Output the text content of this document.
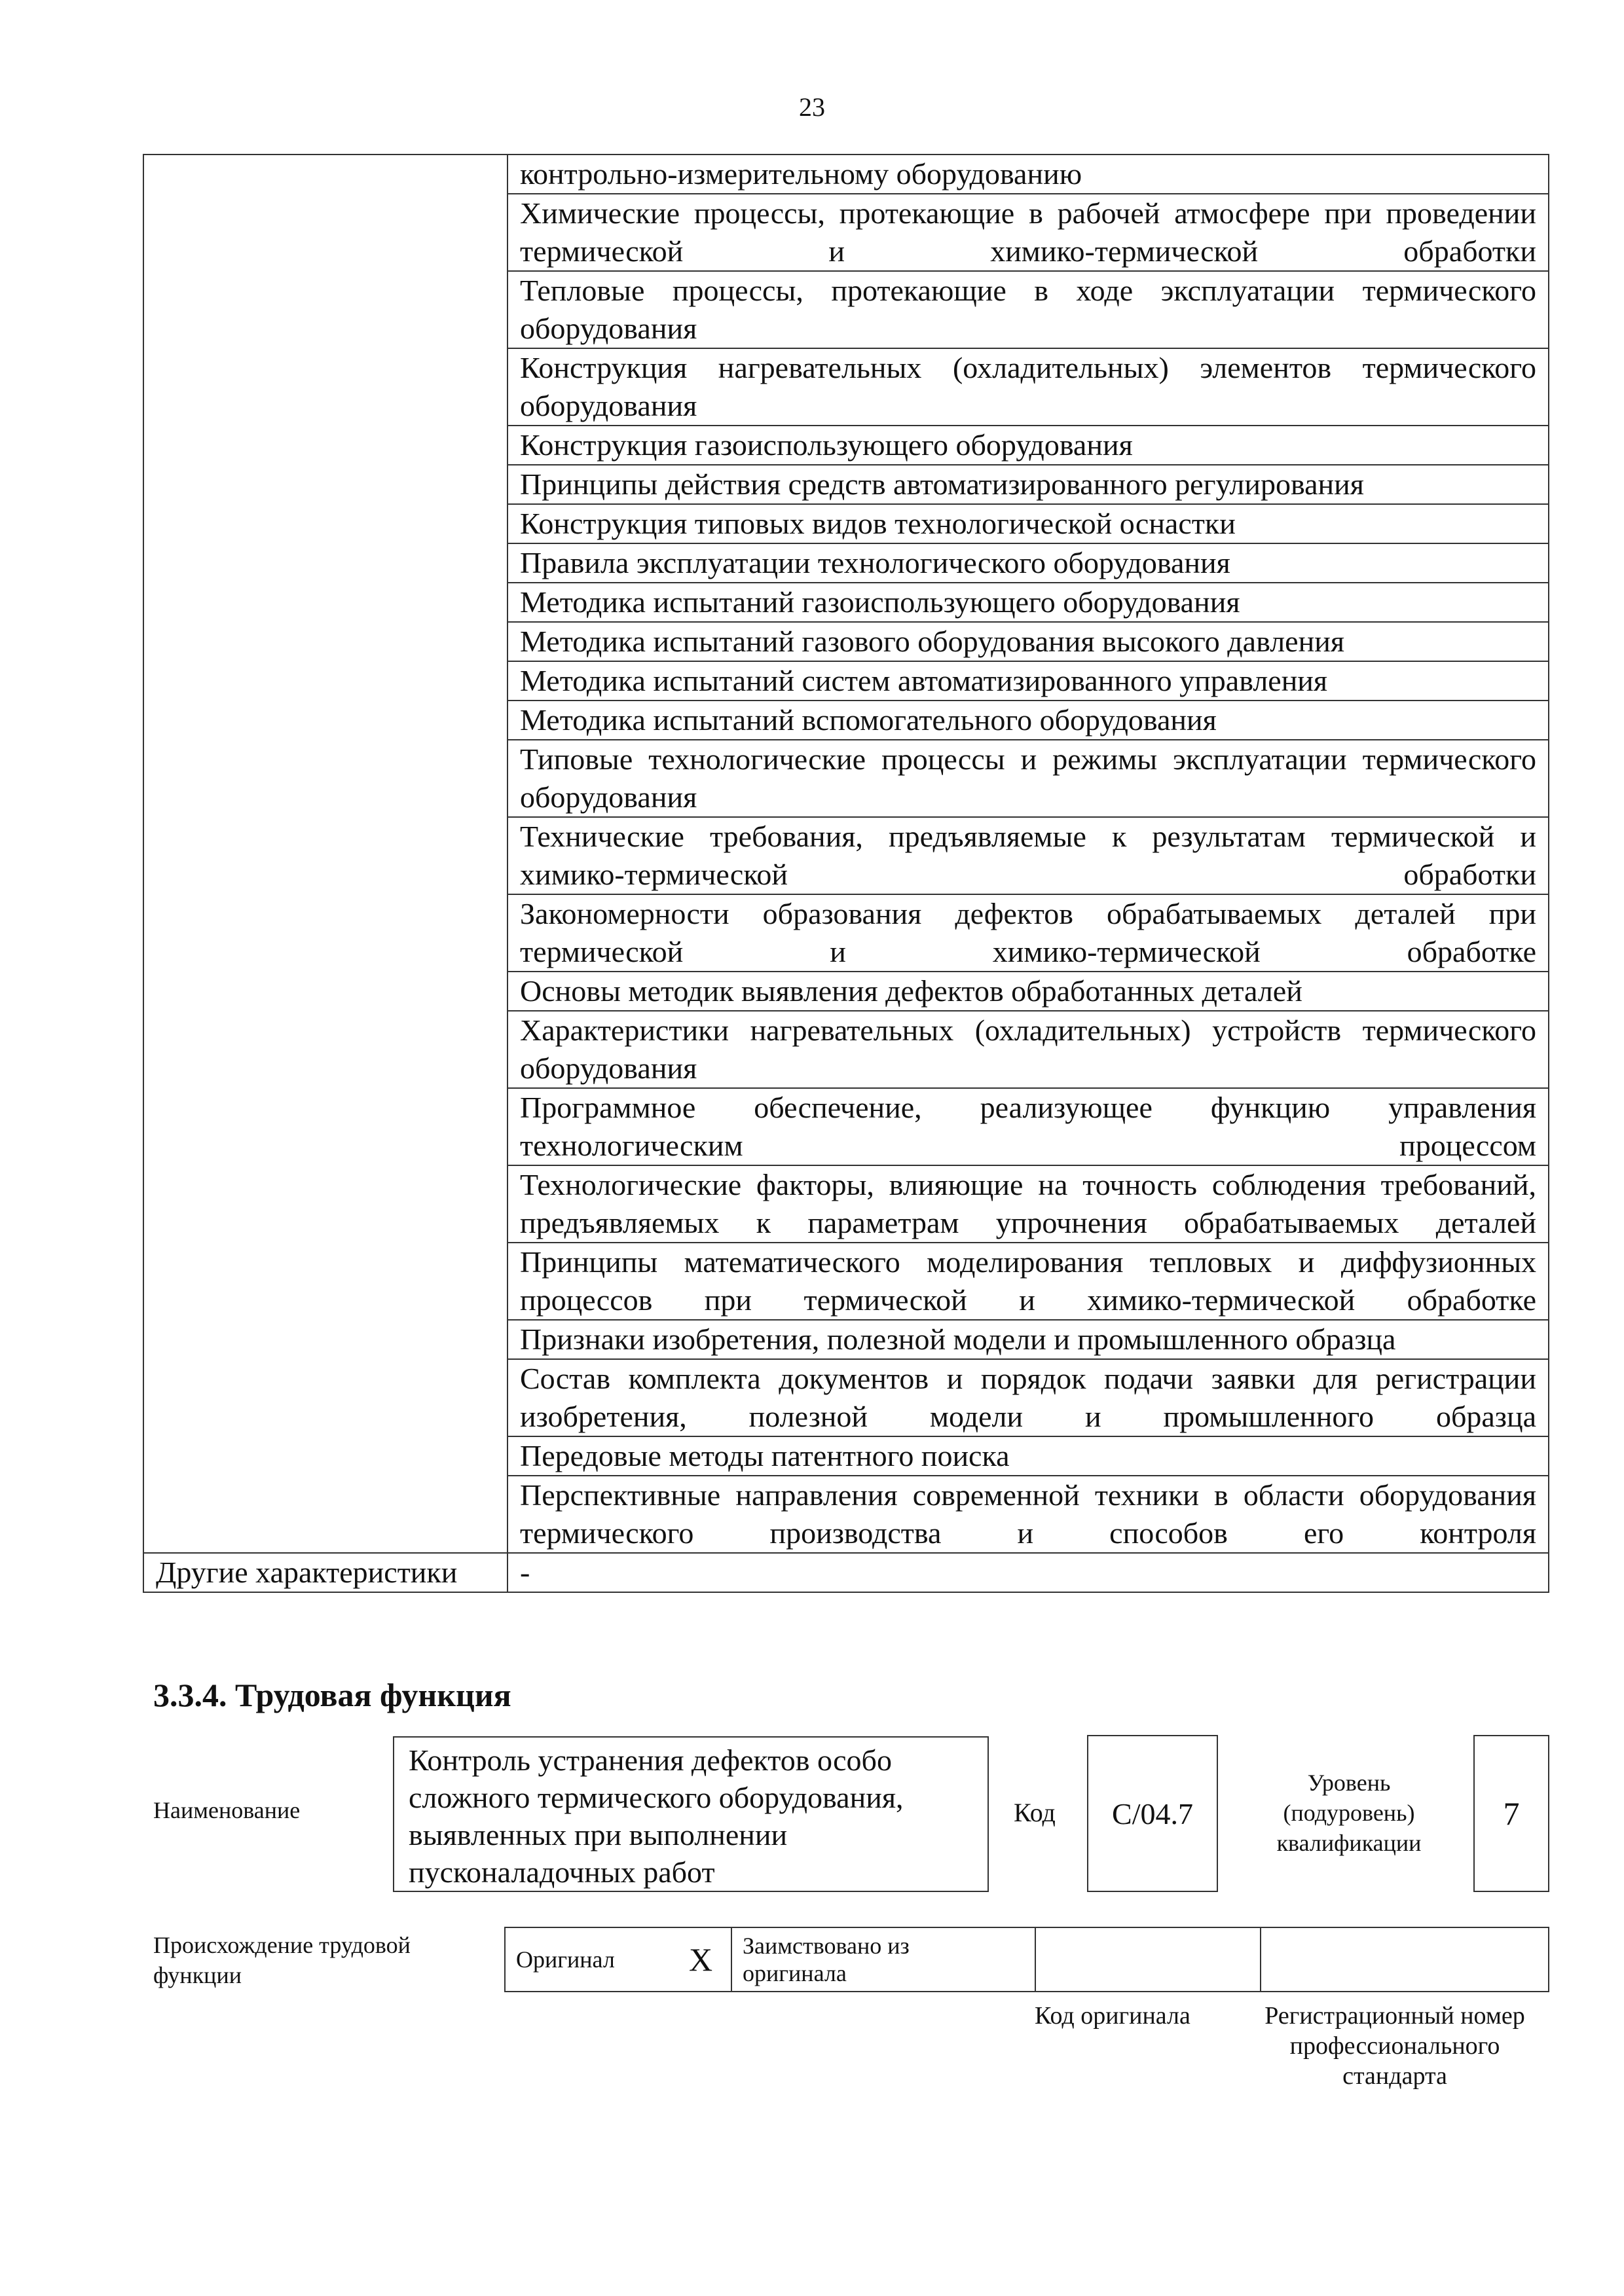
23
	контрольно-измерительному оборудованию
	Химические процессы, протекающие в рабочей атмосфере при проведении термической и химико-термической обработки
	Тепловые процессы, протекающие в ходе эксплуатации термического оборудования
	Конструкция нагревательных (охладительных) элементов термического оборудования
	Конструкция газоиспользующего оборудования
	Принципы действия средств автоматизированного регулирования
	Конструкция типовых видов технологической оснастки
	Правила эксплуатации технологического оборудования
	Методика испытаний газоиспользующего оборудования
	Методика испытаний газового оборудования высокого давления
	Методика испытаний систем автоматизированного управления
	Методика испытаний вспомогательного оборудования
	Типовые технологические процессы и режимы эксплуатации термического оборудования
	Технические требования, предъявляемые к результатам термической и химико-термической обработки
	Закономерности образования дефектов обрабатываемых деталей при термической и химико-термической обработке
	Основы методик выявления дефектов обработанных деталей
	Характеристики нагревательных (охладительных) устройств термического оборудования
	Программное обеспечение, реализующее функцию управления технологическим процессом
	Технологические факторы, влияющие на точность соблюдения требований, предъявляемых к параметрам упрочнения обрабатываемых деталей
	Принципы математического моделирования тепловых и диффузионных процессов при термической и химико-термической обработке
	Признаки изобретения, полезной модели и промышленного образца
	Состав комплекта документов и порядок подачи заявки для регистрации изобретения, полезной модели и промышленного образца
	Передовые методы патентного поиска
	Перспективные направления современной техники в области оборудования термического производства и способов его контроля
Другие характеристики	-
3.3.4. Трудовая функция
Наименование
Контроль устранения дефектов особо сложного термического оборудования, выявленных при выполнении пусконаладочных работ
Код	С/04.7
Уровень
(подуровень)
квалификации
7
Происхождение трудовой
функции
Оригинал	X	Заимствовано из
оригинала

Код оригинала	Регистрационный номер
профессионального
стандарта
